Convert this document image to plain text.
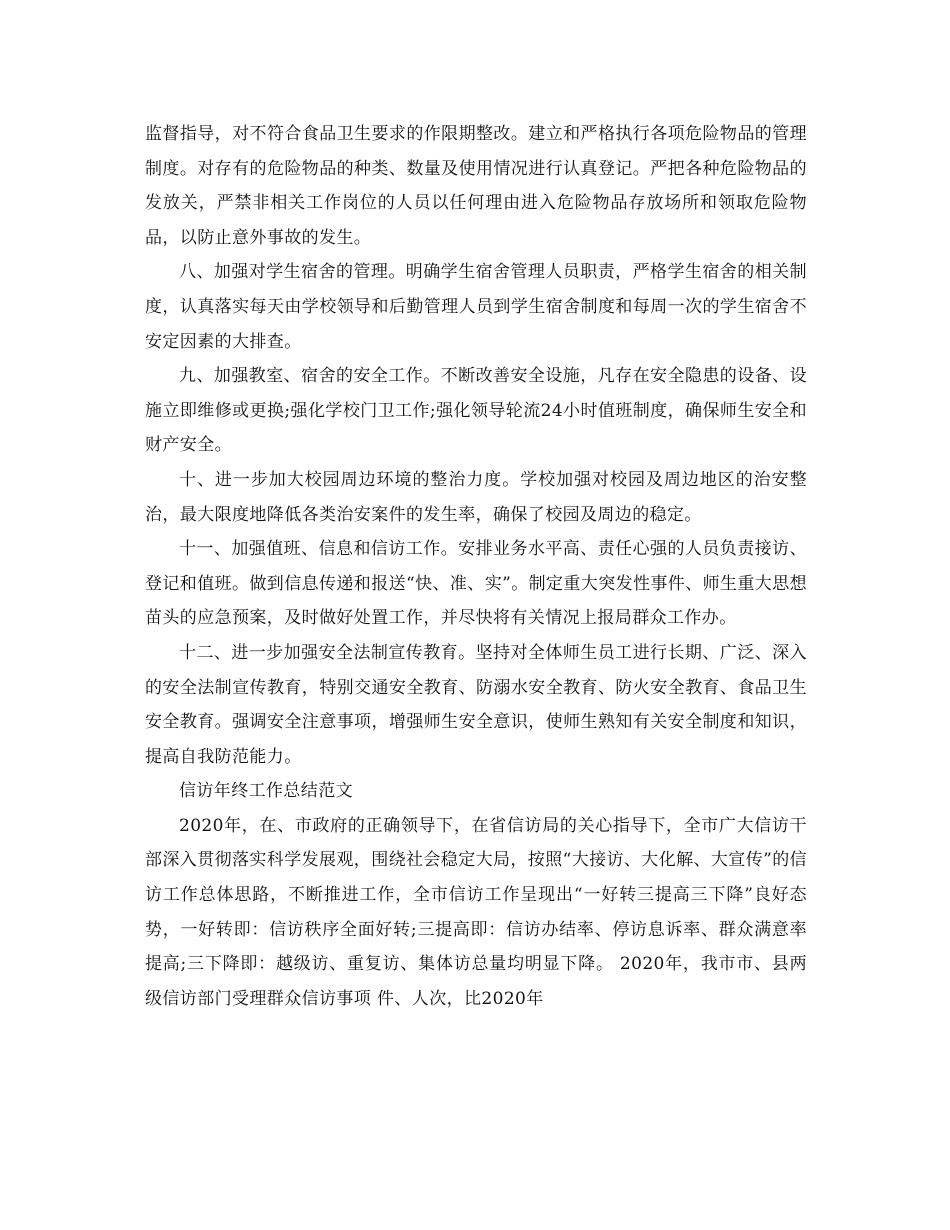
监督指导，对不符合食品卫生要求的作限期整改。建立和严格执行各项危险物品的管理制度。对存有的危险物品的种类、数量及使用情况进行认真登记。严把各种危险物品的发放关，严禁非相关工作岗位的人员以任何理由进入危险物品存放场所和领取危险物品，以防止意外事故的发生。

八、加强对学生宿舍的管理。明确学生宿舍管理人员职责，严格学生宿舍的相关制度，认真落实每天由学校领导和后勤管理人员到学生宿舍制度和每周一次的学生宿舍不安定因素的大排查。

九、加强教室、宿舍的安全工作。不断改善安全设施，凡存在安全隐患的设备、设施立即维修或更换;强化学校门卫工作;强化领导轮流24小时值班制度，确保师生安全和财产安全。

十、进一步加大校园周边环境的整治力度。学校加强对校园及周边地区的治安整治，最大限度地降低各类治安案件的发生率，确保了校园及周边的稳定。

十一、加强值班、信息和信访工作。安排业务水平高、责任心强的人员负责接访、登记和值班。做到信息传递和报送“快、准、实”。制定重大突发性事件、师生重大思想苗头的应急预案，及时做好处置工作，并尽快将有关情况上报局群众工作办。

十二、进一步加强安全法制宣传教育。坚持对全体师生员工进行长期、广泛、深入的安全法制宣传教育，特别交通安全教育、防溺水安全教育、防火安全教育、食品卫生安全教育。强调安全注意事项，增强师生安全意识，使师生熟知有关安全制度和知识，提高自我防范能力。

信访年终工作总结范文

2020年，在、市政府的正确领导下，在省信访局的关心指导下，全市广大信访干部深入贯彻落实科学发展观，围绕社会稳定大局，按照“大接访、大化解、大宣传”的信访工作总体思路，不断推进工作，全市信访工作呈现出“一好转三提高三下降”良好态势，一好转即：信访秩序全面好转;三提高即：信访办结率、停访息诉率、群众满意率提高;三下降即：越级访、重复访、集体访总量均明显下降。 2020年，我市市、县两级信访部门受理群众信访事项 件、人次，比2020年
